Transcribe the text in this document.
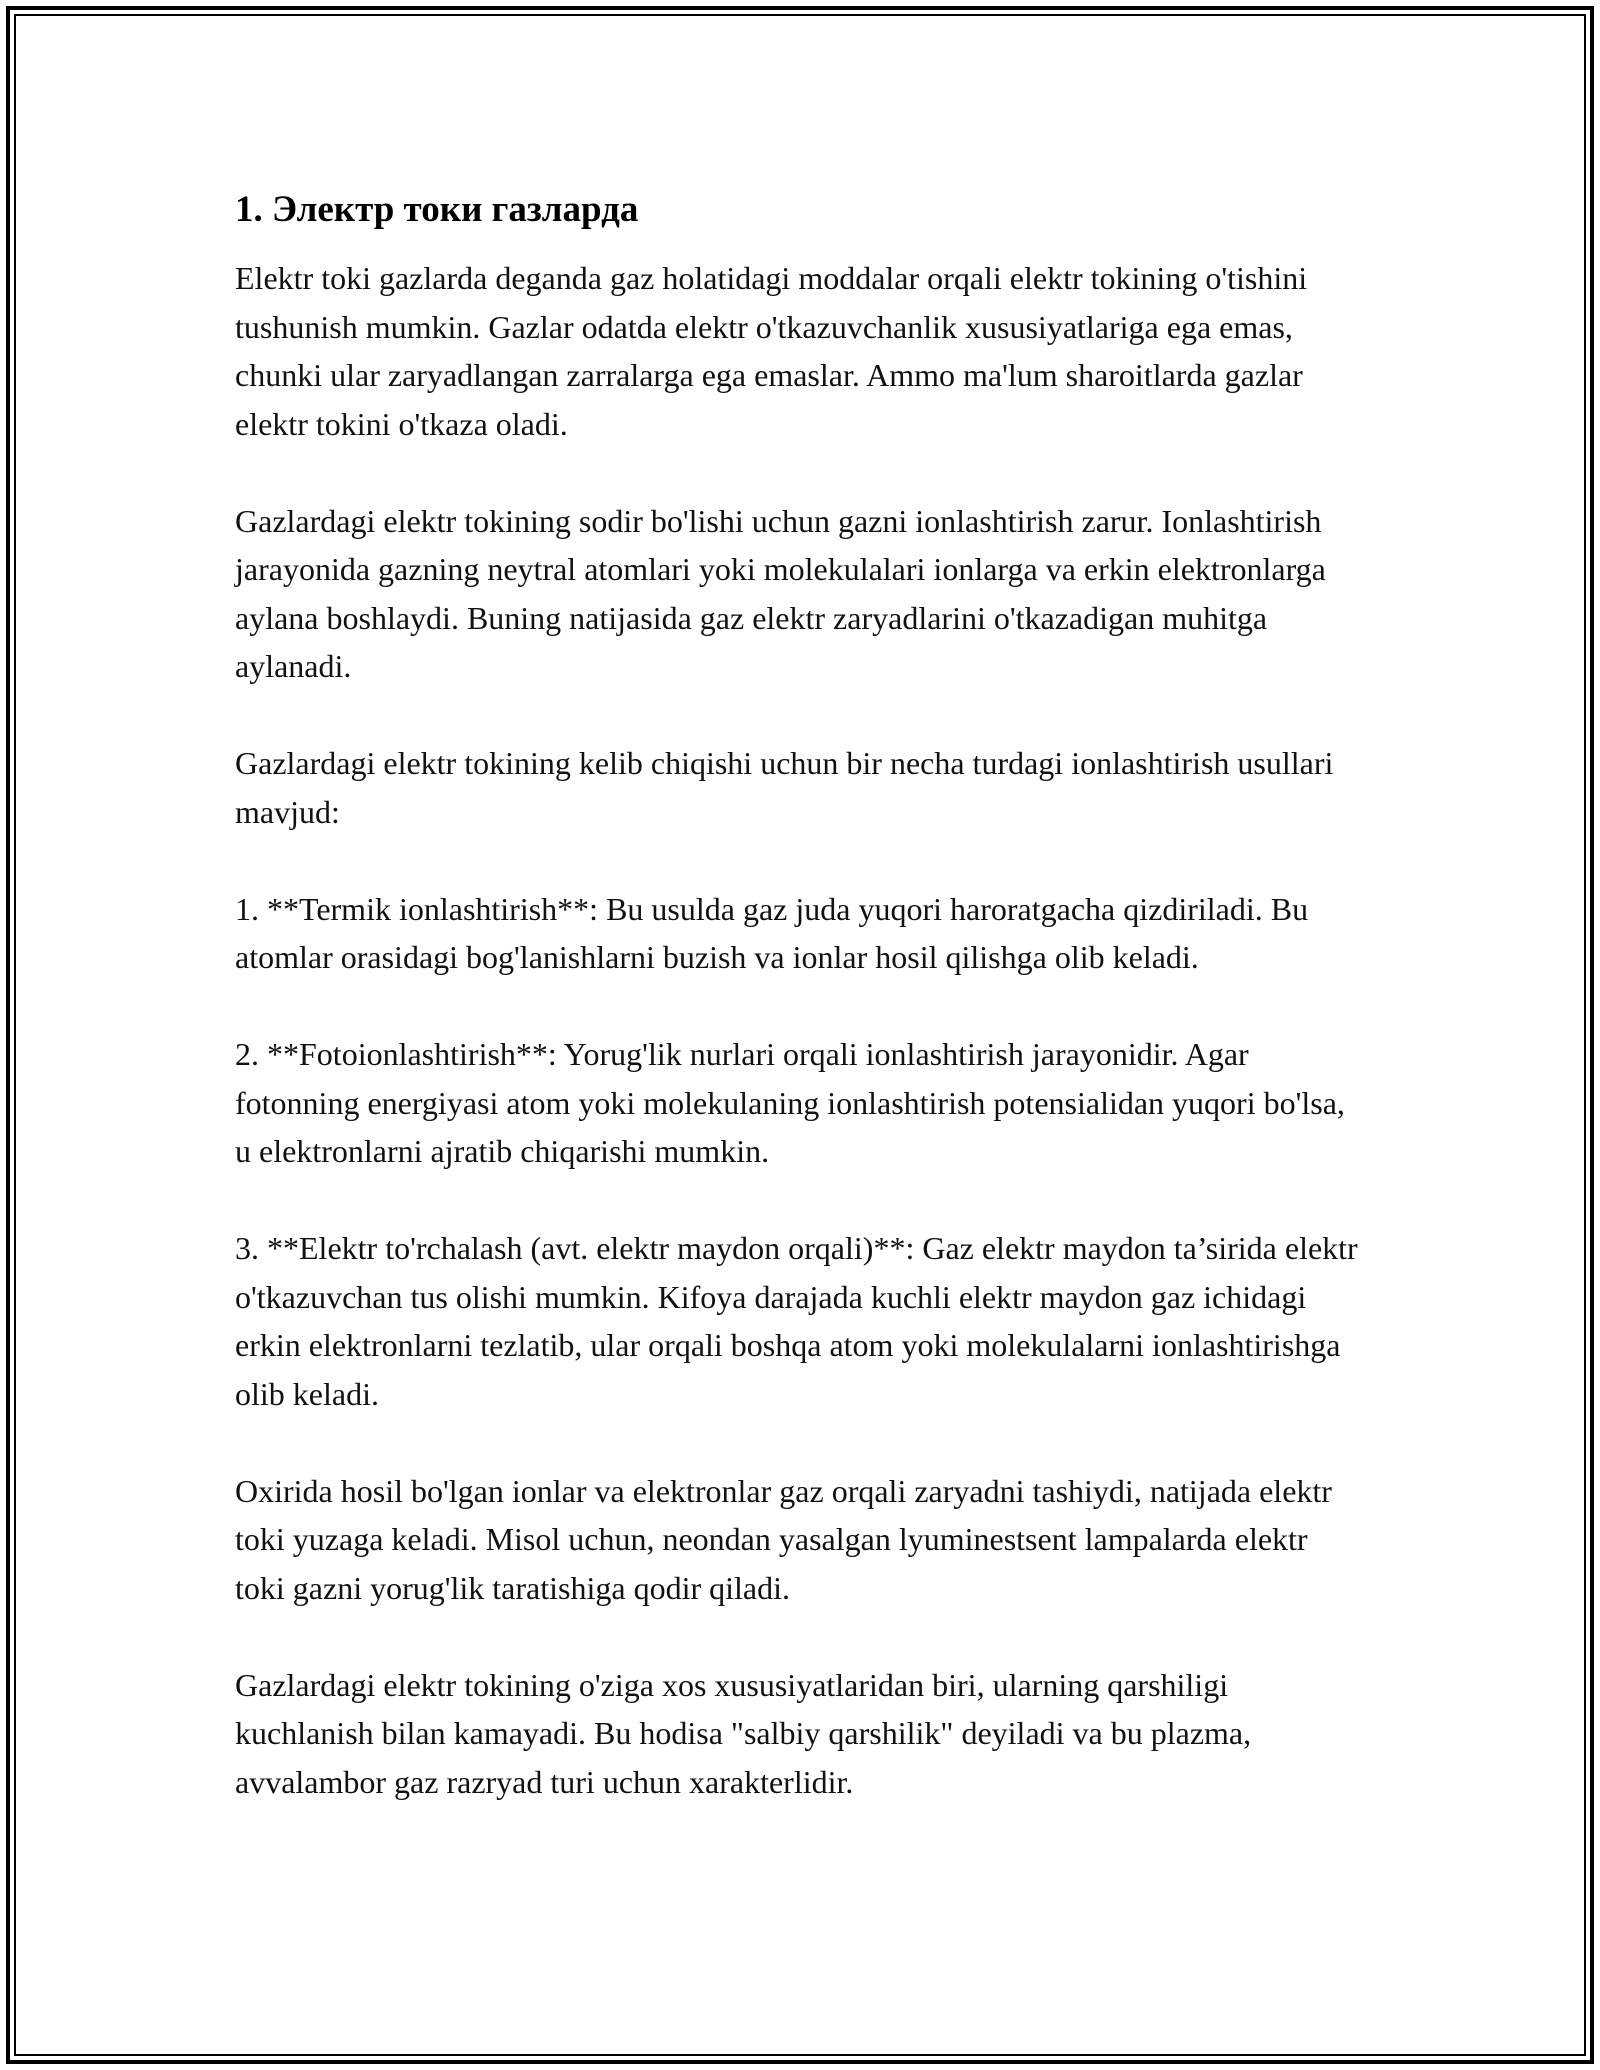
1. Электр токи газларда

Elektr toki gazlarda deganda gaz holatidagi moddalar orqali elektr tokining o'tishini tushunish mumkin. Gazlar odatda elektr o'tkazuvchanlik xususiyatlariga ega emas, chunki ular zaryadlangan zarralarga ega emaslar. Ammo ma'lum sharoitlarda gazlar elektr tokini o'tkaza oladi.

Gazlardagi elektr tokining sodir bo'lishi uchun gazni ionlashtirish zarur. Ionlashtirish jarayonida gazning neytral atomlari yoki molekulalari ionlarga va erkin elektronlarga aylana boshlaydi. Buning natijasida gaz elektr zaryadlarini o'tkazadigan muhitga aylanadi.

Gazlardagi elektr tokining kelib chiqishi uchun bir necha turdagi ionlashtirish usullari mavjud:

1. **Termik ionlashtirish**: Bu usulda gaz juda yuqori haroratgacha qizdiriladi. Bu atomlar orasidagi bog'lanishlarni buzish va ionlar hosil qilishga olib keladi.

2. **Fotoionlashtirish**: Yorug'lik nurlari orqali ionlashtirish jarayonidir. Agar fotonning energiyasi atom yoki molekulaning ionlashtirish potensialidan yuqori bo'lsa, u elektronlarni ajratib chiqarishi mumkin.

3. **Elektr to'rchalash (avt. elektr maydon orqali)**: Gaz elektr maydon ta’sirida elektr o'tkazuvchan tus olishi mumkin. Kifoya darajada kuchli elektr maydon gaz ichidagi erkin elektronlarni tezlatib, ular orqali boshqa atom yoki molekulalarni ionlashtirishga olib keladi.

Oxirida hosil bo'lgan ionlar va elektronlar gaz orqali zaryadni tashiydi, natijada elektr toki yuzaga keladi. Misol uchun, neondan yasalgan lyuminestsent lampalarda elektr toki gazni yorug'lik taratishiga qodir qiladi.

Gazlardagi elektr tokining o'ziga xos xususiyatlaridan biri, ularning qarshiligi kuchlanish bilan kamayadi. Bu hodisa "salbiy qarshilik" deyiladi va bu plazma, avvalambor gaz razryad turi uchun xarakterlidir.
